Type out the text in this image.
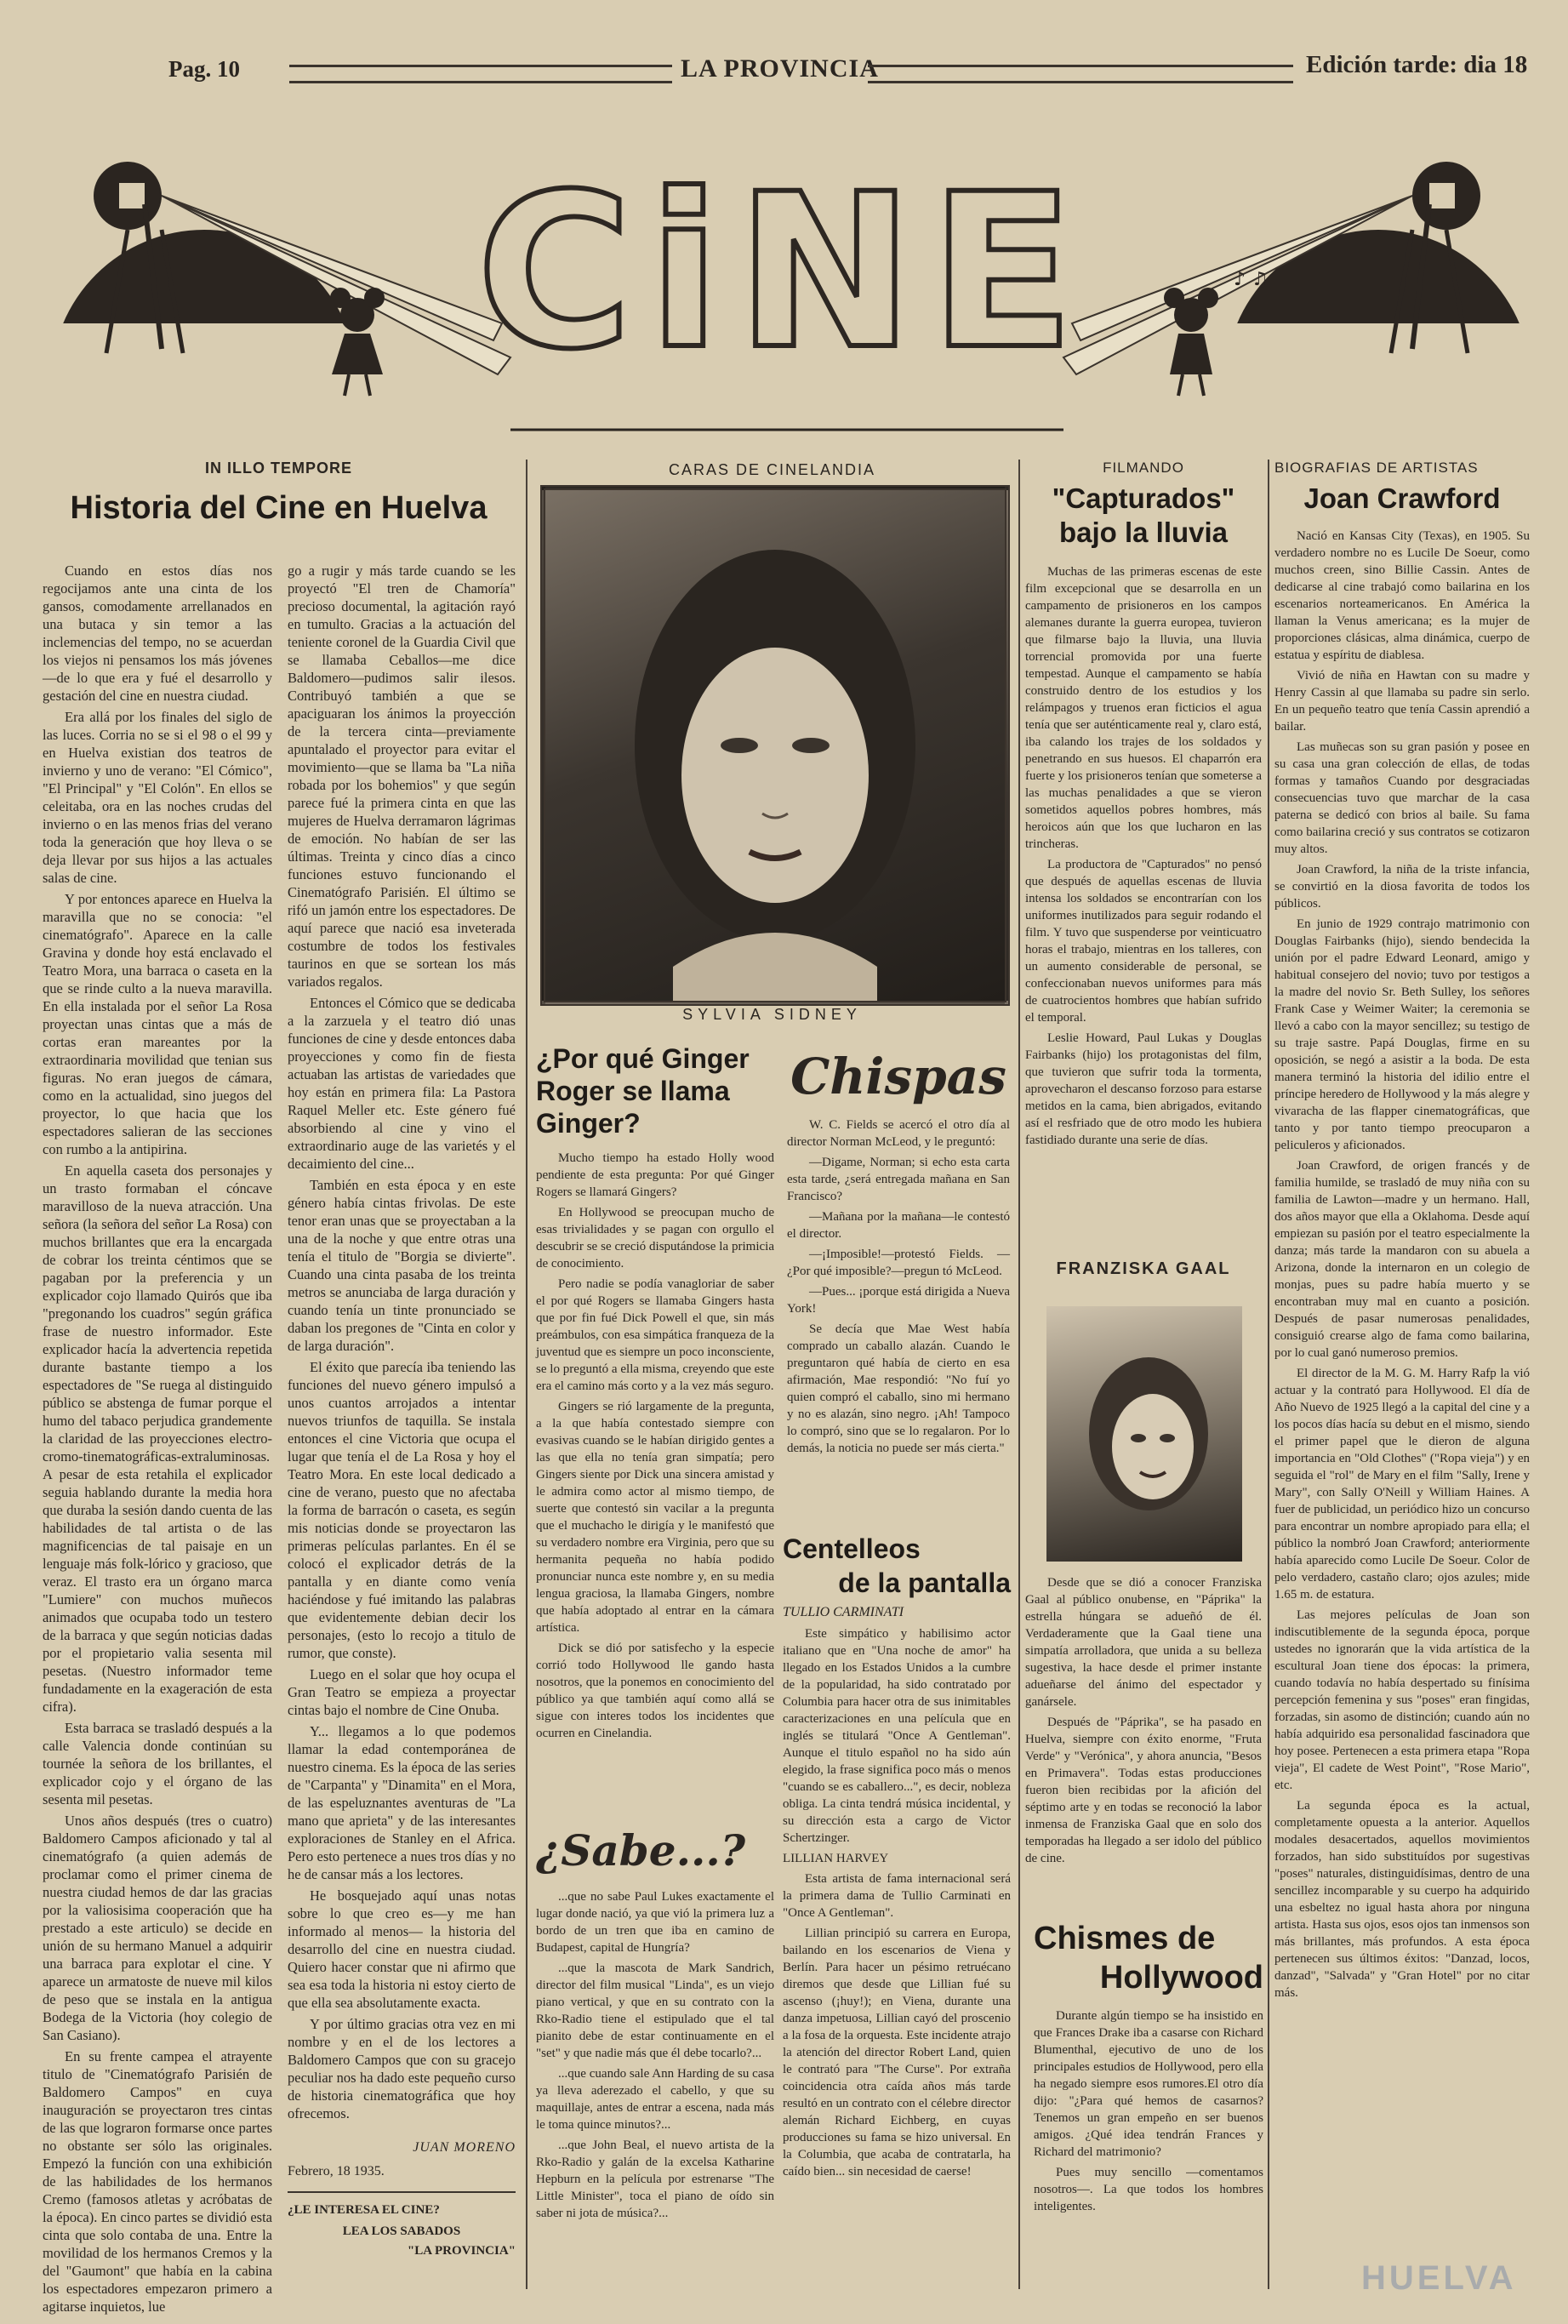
Pag. 10	LA PROVINCIA	Edición tarde: dia 18
♪ ♫
CiNE
IN ILLO TEMPORE
Historia del Cine en Huelva

Cuando en estos días nos regocijamos ante una cinta de los gansos, comodamente arrellanados en una butaca y sin temor a las inclemencias del tempo, no se acuerdan los viejos ni pensamos los más jóvenes—de lo que era y fué el desarrollo y gestación del cine en nuestra ciudad.

Era allá por los finales del siglo de las luces. Corria no se si el 98 o el 99 y en Huelva existian dos teatros de invierno y uno de verano: "El Cómico", "El Principal" y "El Colón". En ellos se celeitaba, ora en las noches crudas del invierno o en las menos frias del verano toda la generación que hoy lleva o se deja llevar por sus hijos a las actuales salas de cine.

Y por entonces aparece en Huelva la maravilla que no se conocia: "el cinematógrafo". Aparece en la calle Gravina y donde hoy está enclavado el Teatro Mora, una barraca o caseta en la que se rinde culto a la nueva maravilla. En ella instalada por el señor La Rosa proyectan unas cintas que a más de cortas eran mareantes por la extraordinaria movilidad que tenian sus figuras. No eran juegos de cámara, como en la actualidad, sino juegos del proyector, lo que hacia que los espectadores salieran de las secciones con rumbo a la antipirina.

En aquella caseta dos personajes y un trasto formaban el cóncave maravilloso de la nueva atracción. Una señora (la señora del señor La Rosa) con muchos brillantes que era la encargada de cobrar los treinta céntimos que se pagaban por la preferencia y un explicador cojo llamado Quirós que iba "pregonando los cuadros" según gráfica frase de nuestro informador. Este explicador hacía la advertencia repetida durante bastante tiempo a los espectadores de "Se ruega al distinguido público se abstenga de fumar porque el humo del tabaco perjudica grandemente la claridad de las proyecciones electro-cromo-tinematográficas-extraluminosas. A pesar de esta retahila el explicador seguia hablando durante la media hora que duraba la sesión dando cuenta de las habilidades de tal artista o de las magnificencias de tal paisaje en un lenguaje más folk-lórico y gracioso, que veraz. El trasto era un órgano marca "Lumiere" con muchos muñecos animados que ocupaba todo un testero de la barraca y que según noticias dadas por el propietario valia sesenta mil pesetas. (Nuestro informador teme fundadamente en la exageración de esta cifra).

Esta barraca se trasladó después a la calle Valencia donde continúan su tournée la señora de los brillantes, el explicador cojo y el órgano de las sesenta mil pesetas.

Unos años después (tres o cuatro) Baldomero Campos aficionado y tal al cinematógrafo (a quien además de proclamar como el primer cinema de nuestra ciudad hemos de dar las gracias por la valiosisima cooperación que ha prestado a este articulo) se decide en unión de su hermano Manuel a adquirir una barraca para explotar el cine. Y aparece un armatoste de nueve mil kilos de peso que se instala en la antigua Bodega de la Victoria (hoy colegio de San Casiano).

En su frente campea el atrayente titulo de "Cinematógrafo Parisién de Baldomero Campos" en cuya inauguración se proyectaron tres cintas de las que lograron formarse once partes no obstante ser sólo las originales. Empezó la función con una exhibición de las habilidades de los hermanos Cremo (famosos atletas y acróbatas de la época). En cinco partes se dividió esta cinta que solo contaba de una. Entre la movilidad de los hermanos Cremos y la del "Gaumont" que había en la cabina los espectadores empezaron primero a agitarse inquietos, lue

go a rugir y más tarde cuando se les proyectó "El tren de Chamoría" precioso documental, la agitación rayó en tumulto. Gracias a la actuación del teniente coronel de la Guardia Civil que se llamaba Ceballos—me dice Baldomero—pudimos salir ilesos. Contribuyó también a que se apaciguaran los ánimos la proyección de la tercera cinta—previamente apuntalado el proyector para evitar el movimiento—que se llama ba "La niña robada por los bohemios" y que según parece fué la primera cinta en que las mujeres de Huelva derramaron lágrimas de emoción. No habían de ser las últimas. Treinta y cinco días a cinco funciones estuvo funcionando el Cinematógrafo Parisién. El último se rifó un jamón entre los espectadores. De aquí parece que nació esa inveterada costumbre de todos los festivales taurinos en que se sortean los más variados regalos.

Entonces el Cómico que se dedicaba a la zarzuela y el teatro dió unas funciones de cine y desde entonces daba proyecciones y como fin de fiesta actuaban las artistas de variedades que hoy están en primera fila: La Pastora Raquel Meller etc. Este género fué absorbiendo al cine y vino el extraordinario auge de las varietés y el decaimiento del cine...

También en esta época y en este género había cintas frivolas. De este tenor eran unas que se proyectaban a la una de la noche y que entre otras una tenía el titulo de "Borgia se divierte". Cuando una cinta pasaba de los treinta metros se anunciaba de larga duración y cuando tenía un tinte pronunciado se daban los pregones de "Cinta en color y de larga duración".

El éxito que parecía iba teniendo las funciones del nuevo género impulsó a unos cuantos arrojados a intentar nuevos triunfos de taquilla. Se instala entonces el cine Victoria que ocupa el lugar que tenía el de La Rosa y hoy el Teatro Mora. En este local dedicado a cine de verano, puesto que no afectaba la forma de barracón o caseta, es según mis noticias donde se proyectaron las primeras películas parlantes. En él se colocó el explicador detrás de la pantalla y en diante como venía haciéndose y fué imitando las palabras que evidentemente debian decir los personajes, (esto lo recojo a titulo de rumor, que conste).

Luego en el solar que hoy ocupa el Gran Teatro se empieza a proyectar cintas bajo el nombre de Cine Onuba.

Y... llegamos a lo que podemos llamar la edad contemporánea de nuestro cinema. Es la época de las series de "Carpanta" y "Dinamita" en el Mora, de las espeluznantes aventuras de "La mano que aprieta" y de las interesantes exploraciones de Stanley en el Africa. Pero esto pertenece a nues tros días y no he de cansar más a los lectores.

He bosquejado aquí unas notas sobre lo que creo es—y me han informado al menos— la historia del desarrollo del cine en nuestra ciudad. Quiero hacer constar que ni afirmo que sea esa toda la historia ni estoy cierto de que ella sea absolutamente exacta.

Y por último gracias otra vez en mi nombre y en el de los lectores a Baldomero Campos que con su gracejo peculiar nos ha dado este pequeño curso de historia cinematográfica que hoy ofrecemos.

JUAN MORENO
Febrero, 18 1935.
¿LE INTERESA EL CINE?
LEA LOS SABADOS
"LA PROVINCIA"
CARAS DE CINELANDIA
SYLVIA SIDNEY
¿Por qué Ginger Roger se llama Ginger?

Mucho tiempo ha estado Holly wood pendiente de esta pregunta: Por qué Ginger Rogers se llamará Gingers?

En Hollywood se preocupan mucho de esas trivialidades y se pagan con orgullo el descubrir se se creció disputándose la primicia de conocimiento.

Pero nadie se podía vanagloriar de saber el por qué Rogers se llamaba Gingers hasta que por fin fué Dick Powell el que, sin más preámbulos, con esa simpática franqueza de la juventud que es siempre un poco inconsciente, se lo preguntó a ella misma, creyendo que este era el camino más corto y a la vez más seguro.

Gingers se rió largamente de la pregunta, a la que había contestado siempre con evasivas cuando se le habían dirigido gentes a las que ella no tenía gran simpatía; pero Gingers siente por Dick una sincera amistad y le admira como actor al mismo tiempo, de suerte que contestó sin vacilar a la pregunta que el muchacho le dirigía y le manifestó que su verdadero nombre era Virginia, pero que su hermanita pequeña no había podido pronunciar nunca este nombre y, en su media lengua graciosa, la llamaba Gingers, nombre que había adoptado al entrar en la cámara artística.

Dick se dió por satisfecho y la especie corrió todo Hollywood lle gando hasta nosotros, que la ponemos en conocimiento del público ya que también aquí como allá se sigue con interes todos los incidentes que ocurren en Cinelandia.

¿Sabe...?

...que no sabe Paul Lukes exactamente el lugar donde nació, ya que vió la primera luz a bordo de un tren que iba en camino de Budapest, capital de Hungría?

...que la mascota de Mark Sandrich, director del film musical "Linda", es un viejo piano vertical, y que en su contrato con la Rko-Radio tiene el estipulado que el tal pianito debe de estar continuamente en el "set" y que nadie más que él debe tocarlo?...

...que cuando sale Ann Harding de su casa ya lleva aderezado el cabello, y que su maquillaje, antes de entrar a escena, nada más le toma quince minutos?...

...que John Beal, el nuevo artista de la Rko-Radio y galán de la excelsa Katharine Hepburn en la película por estrenarse "The Little Minister", toca el piano de oído sin saber ni jota de música?...

Chispas

W. C. Fields se acercó el otro día al director Norman McLeod, y le preguntó:

—Digame, Norman; si echo esta carta esta tarde, ¿será entregada mañana en San Francisco?

—Mañana por la mañana—le contestó el director.

—¡Imposible!—protestó Fields. —¿Por qué imposible?—pregun tó McLeod.

—Pues... ¡porque está dirigida a Nueva York!

Se decía que Mae West había comprado un caballo alazán. Cuando le preguntaron qué había de cierto en esa afirmación, Mae respondió: "No fuí yo quien compró el caballo, sino mi hermano y no es alazán, sino negro. ¡Ah! Tampoco lo compró, sino que se lo regalaron. Por lo demás, la noticia no puede ser más cierta."

Centelleos
de la pantalla
TULLIO CARMINATI

Este simpático y habilisimo actor italiano que en "Una noche de amor" ha llegado en los Estados Unidos a la cumbre de la popularidad, ha sido contratado por Columbia para hacer otra de sus inimitables caracterizaciones en una película que en inglés se titulará "Once A Gentleman". Aunque el titulo español no ha sido aún elegido, la frase significa poco más o menos "cuando se es caballero...", es decir, nobleza obliga. La cinta tendrá música incidental, y su dirección esta a cargo de Victor Schertzinger.

LILLIAN HARVEY

Esta artista de fama internacional será la primera dama de Tullio Carminati en "Once A Gentleman".

Lillian principió su carrera en Europa, bailando en los escenarios de Viena y Berlín. Para hacer un pésimo retruécano diremos que desde que Lillian fué su ascenso (¡huy!); en Viena, durante una danza impetuosa, Lillian cayó del proscenio a la fosa de la orquesta. Este incidente atrajo la atención del director Robert Land, quien le contrató para "The Curse". Por extraña coincidencia otra caída años más tarde resultó en un contrato con el célebre director alemán Richard Eichberg, en cuyas producciones su fama se hizo universal. En la Columbia, que acaba de contratarla, ha caído bien... sin necesidad de caerse!

FILMANDO
"Capturados"
bajo la lluvia

Muchas de las primeras escenas de este film excepcional que se desarrolla en un campamento de prisioneros en los campos alemanes durante la guerra europea, tuvieron que filmarse bajo la lluvia, una lluvia torrencial promovida por una fuerte tempestad. Aunque el campamento se había construido dentro de los estudios y los relámpagos y truenos eran ficticios el agua tenía que ser auténticamente real y, claro está, iba calando los trajes de los soldados y penetrando en sus huesos. El chaparrón era fuerte y los prisioneros tenían que someterse a las muchas penalidades a que se vieron sometidos aquellos pobres hombres, más heroicos aún que los que lucharon en las trincheras.

La productora de "Capturados" no pensó que después de aquellas escenas de lluvia intensa los soldados se encontrarían con los uniformes inutilizados para seguir rodando el film. Y tuvo que suspenderse por veinticuatro horas el trabajo, mientras en los talleres, con un aumento considerable de personal, se confeccionaban nuevos uniformes para más de cuatrocientos hombres que habían sufrido el temporal.

Leslie Howard, Paul Lukas y Douglas Fairbanks (hijo) los protagonistas del film, que tuvieron que sufrir toda la tormenta, aprovecharon el descanso forzoso para estarse metidos en la cama, bien abrigados, evitando así el resfriado que de otro modo les hubiera fastidiado durante una serie de días.

FRANZISKA GAAL

Desde que se dió a conocer Franziska Gaal al público onubense, en "Páprika" la estrella húngara se adueñó de él. Verdaderamente que la Gaal tiene una simpatía arrolladora, que unida a su belleza sugestiva, la hace desde el primer instante adueñarse del ánimo del espectador y ganársele.

Después de "Páprika", se ha pasado en Huelva, siempre con éxito enorme, "Fruta Verde" y "Verónica", y ahora anuncia, "Besos en Primavera". Todas estas producciones fueron bien recibidas por la afición del séptimo arte y en todas se reconoció la labor inmensa de Franziska Gaal que en solo dos temporadas ha llegado a ser idolo del público de cine.

Chismes de
Hollywood

Durante algún tiempo se ha insistido en que Frances Drake iba a casarse con Richard Blumenthal, ejecutivo de uno de los principales estudios de Hollywood, pero ella ha negado siempre esos rumores.El otro día dijo: "¿Para qué hemos de casarnos? Tenemos un gran empeño en ser buenos amigos. ¿Qué idea tendrán Frances y Richard del matrimonio?

Pues muy sencillo —comentamos nosotros—. La que todos los hombres inteligentes.

BIOGRAFIAS DE ARTISTAS
Joan Crawford

Nació en Kansas City (Texas), en 1905. Su verdadero nombre no es Lucile De Soeur, como muchos creen, sino Billie Cassin. Antes de dedicarse al cine trabajó como bailarina en los escenarios norteamericanos. En América la llaman la Venus americana; es la mujer de proporciones clásicas, alma dinámica, cuerpo de estatua y espíritu de diablesa.

Vivió de niña en Hawtan con su madre y Henry Cassin al que llamaba su padre sin serlo. En un pequeño teatro que tenía Cassin aprendió a bailar.

Las muñecas son su gran pasión y posee en su casa una gran colección de ellas, de todas formas y tamaños Cuando por desgraciadas consecuencias tuvo que marchar de la casa paterna se dedicó con brios al baile. Su fama como bailarina creció y sus contratos se cotizaron muy altos.

Joan Crawford, la niña de la triste infancia, se convirtió en la diosa favorita de todos los públicos.

En junio de 1929 contrajo matrimonio con Douglas Fairbanks (hijo), siendo bendecida la unión por el padre Edward Leonard, amigo y habitual consejero del novio; tuvo por testigos a la madre del novio Sr. Beth Sulley, los señores Frank Case y Weimer Waiter; la ceremonia se llevó a cabo con la mayor sencillez; su testigo de su traje sastre. Papá Douglas, firme en su oposición, se negó a asistir a la boda. De esta manera terminó la historia del idilio entre el príncipe heredero de Hollywood y la más alegre y vivaracha de las flapper cinematográficas, que tanto y por tanto tiempo preocuparon a peliculeros y aficionados.

Joan Crawford, de origen francés y de familia humilde, se trasladó de muy niña con su familia de Lawton—madre y un hermano. Hall, dos años mayor que ella a Oklahoma. Desde aquí empiezan su pasión por el teatro especialmente la danza; más tarde la mandaron con su abuela a Arizona, donde la internaron en un colegio de monjas, pues su padre había muerto y se encontraban muy mal en cuanto a posición. Después de pasar numerosas penalidades, consiguió crearse algo de fama como bailarina, por lo cual ganó numeroso premios.

El director de la M. G. M. Harry Rafp la vió actuar y la contrató para Hollywood. El día de Año Nuevo de 1925 llegó a la capital del cine y a los pocos días hacía su debut en el mismo, siendo el primer papel que le dieron de alguna importancia en "Old Clothes" ("Ropa vieja") y en seguida el "rol" de Mary en el film "Sally, Irene y Mary", con Sally O'Neill y William Haines. A fuer de publicidad, un periódico hizo un concurso para encontrar un nombre apropiado para ella; el público la nombró Joan Crawford; anteriormente había aparecido como Lucile De Soeur. Color de pelo verdadero, castaño claro; ojos azules; mide 1.65 m. de estatura.

Las mejores películas de Joan son indiscutiblemente de la segunda época, porque ustedes no ignorarán que la vida artística de la escultural Joan tiene dos épocas: la primera, cuando todavía no había despertado su finísima percepción femenina y sus "poses" eran fingidas, forzadas, sin asomo de distinción; cuando aún no había adquirido esa personalidad fascinadora que hoy posee. Pertenecen a esta primera etapa "Ropa vieja", El cadete de West Point", "Rose Mario", etc.

La segunda época es la actual, completamente opuesta a la anterior. Aquellos modales desacertados, aquellos movimientos forzados, han sido substituídos por sugestivas "poses" naturales, distinguidísimas, dentro de una sencillez incomparable y su cuerpo ha adquirido una esbeltez no igual hasta ahora por ninguna artista. Hasta sus ojos, esos ojos tan inmensos son más brillantes, más profundos. A esta época pertenecen sus últimos éxitos: "Danzad, locos, danzad", "Salvada" y "Gran Hotel" por no citar más.

HUELVA
